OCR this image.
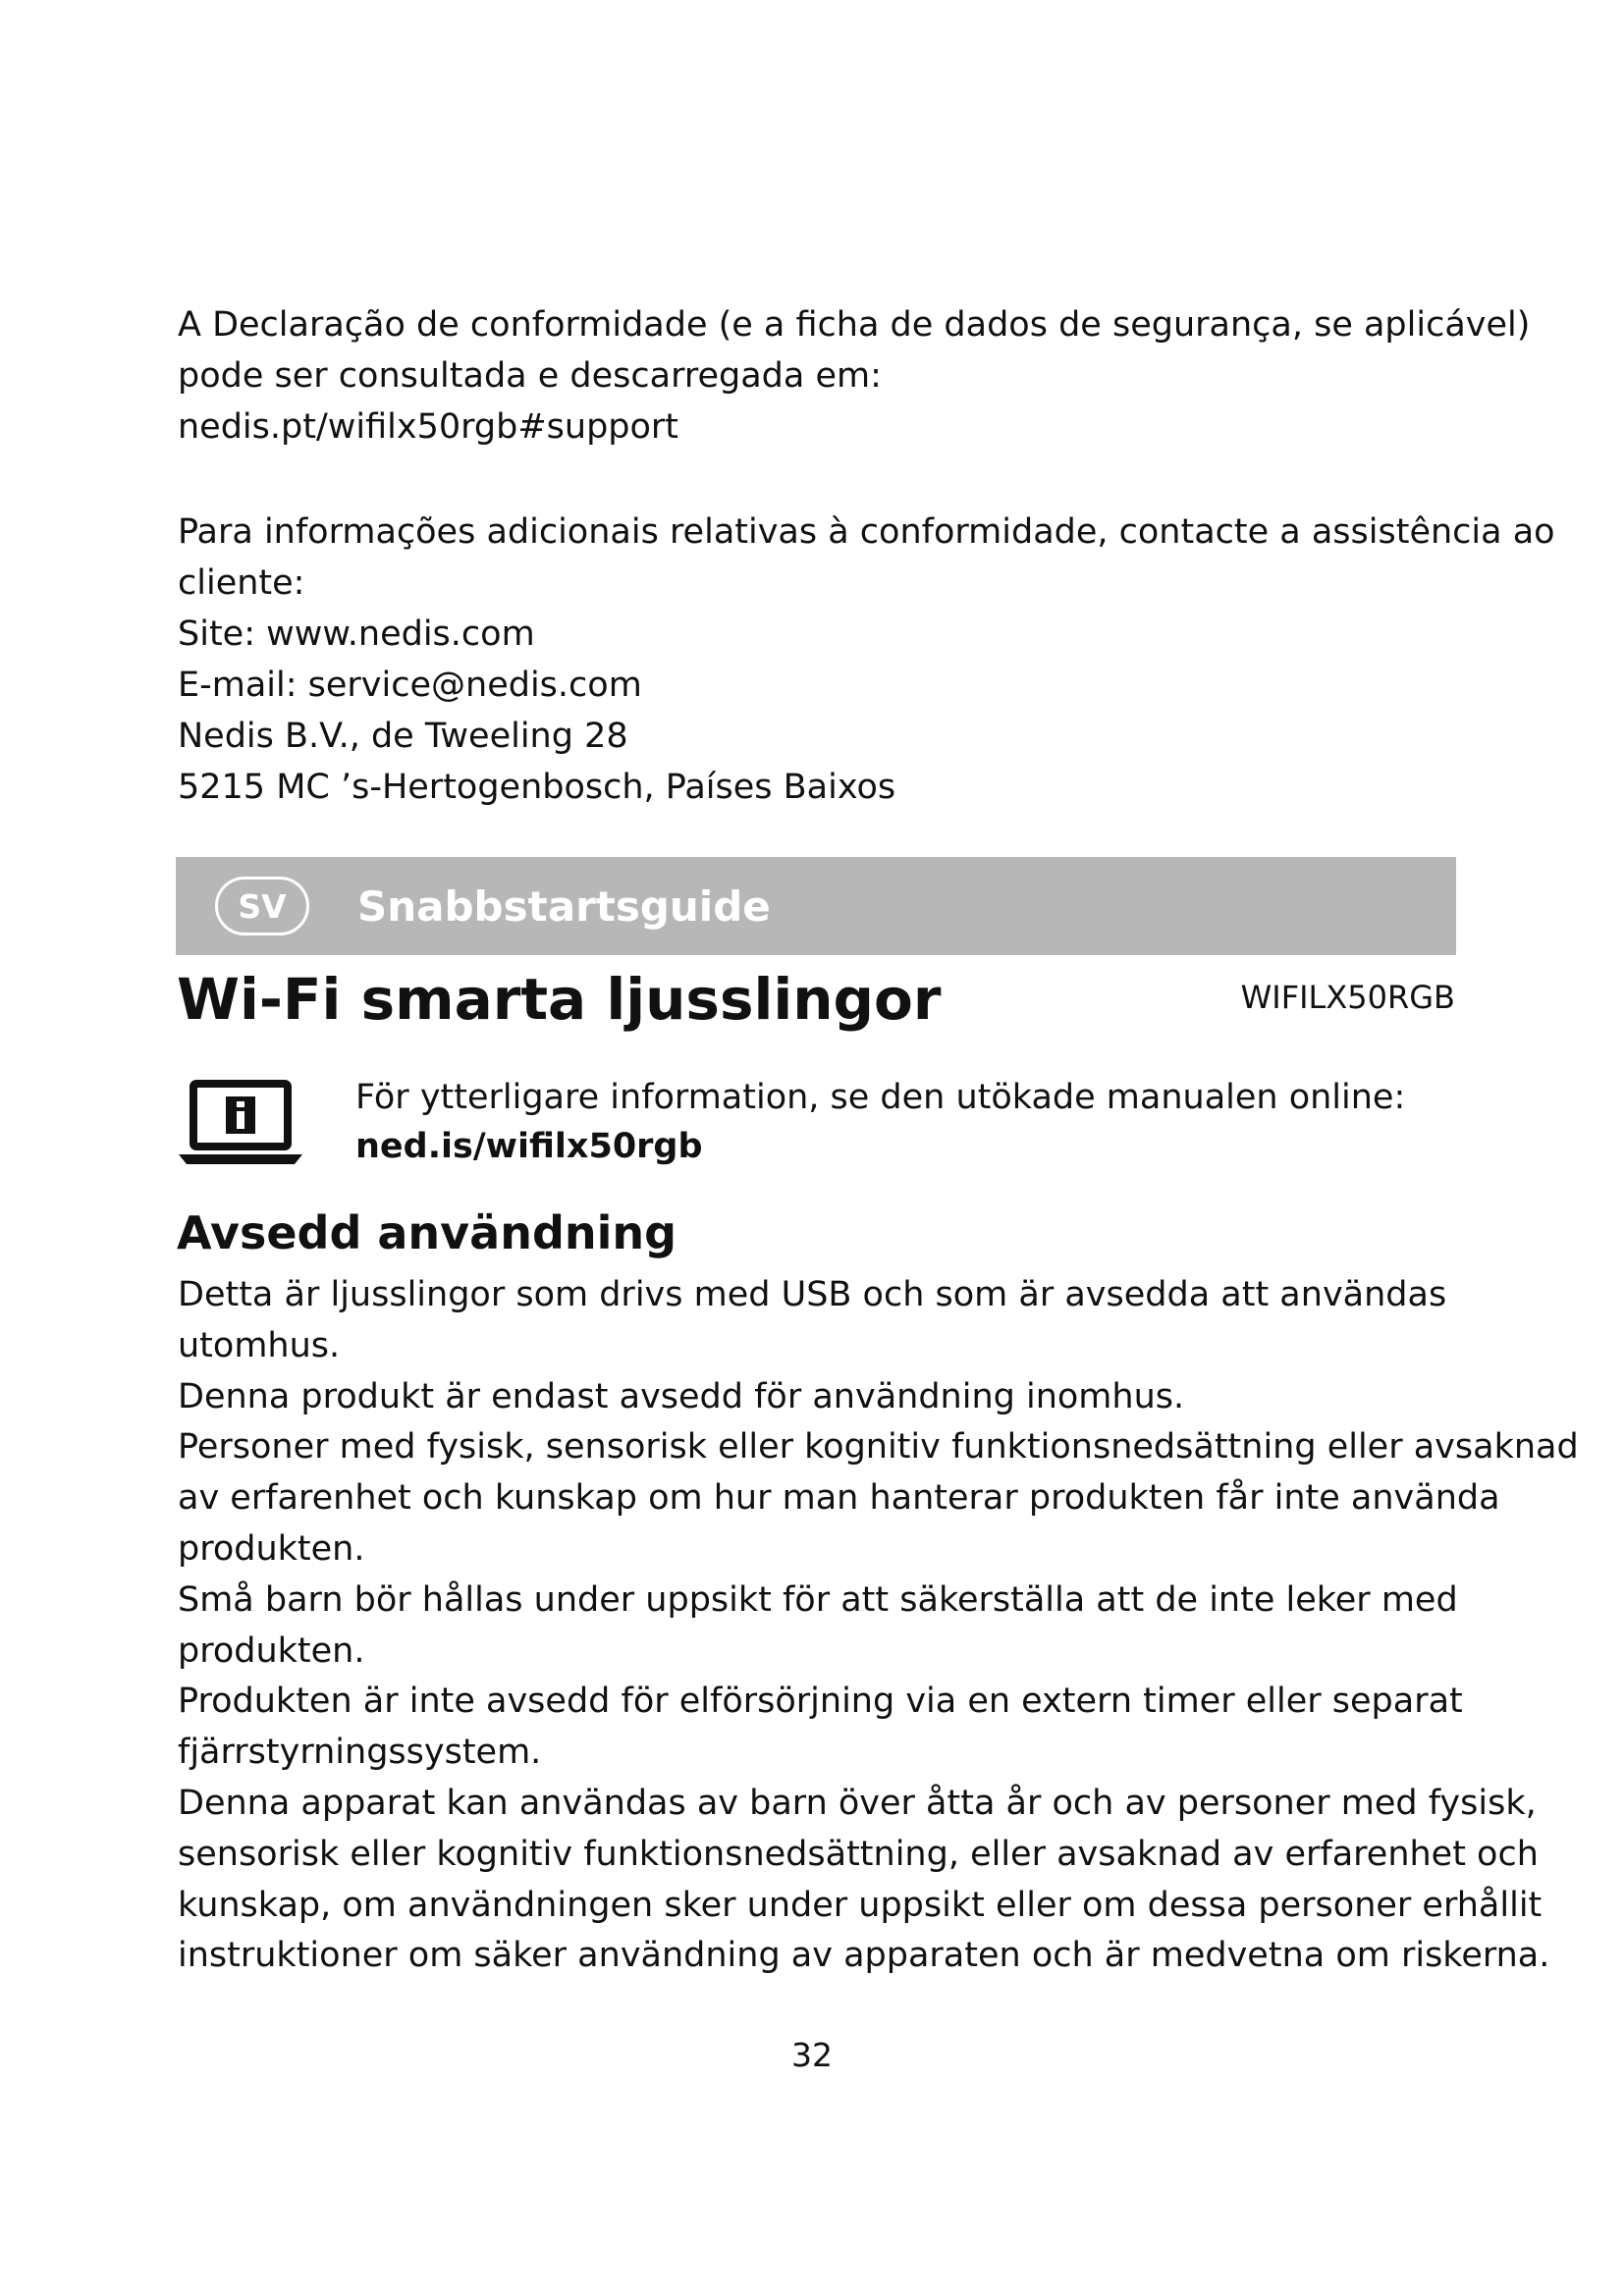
A Declaração de conformidade (e a ficha de dados de segurança, se aplicável)
pode ser consultada e descarregada em:
nedis.pt/wifilx50rgb#support
Para informações adicionais relativas à conformidade, contacte a assistência ao
cliente:
Site: www.nedis.com
E-mail: service@nedis.com
Nedis B.V., de Tweeling 28
5215 MC ’s-Hertogenbosch, Países Baixos
SV	Snabbstartsguide
Wi-Fi smarta ljusslingor	WIFILX50RGB
För ytterligare information, se den utökade manualen online:
ned.is/wifilx50rgb
Avsedd användning
Detta är ljusslingor som drivs med USB och som är avsedda att användas
utomhus.
Denna produkt är endast avsedd för användning inomhus.
Personer med fysisk, sensorisk eller kognitiv funktionsnedsättning eller avsaknad
av erfarenhet och kunskap om hur man hanterar produkten får inte använda
produkten.
Små barn bör hållas under uppsikt för att säkerställa att de inte leker med
produkten.
Produkten är inte avsedd för elförsörjning via en extern timer eller separat
fjärrstyrningssystem.
Denna apparat kan användas av barn över åtta år och av personer med fysisk,
sensorisk eller kognitiv funktionsnedsättning, eller avsaknad av erfarenhet och
kunskap, om användningen sker under uppsikt eller om dessa personer erhållit
instruktioner om säker användning av apparaten och är medvetna om riskerna.
32
